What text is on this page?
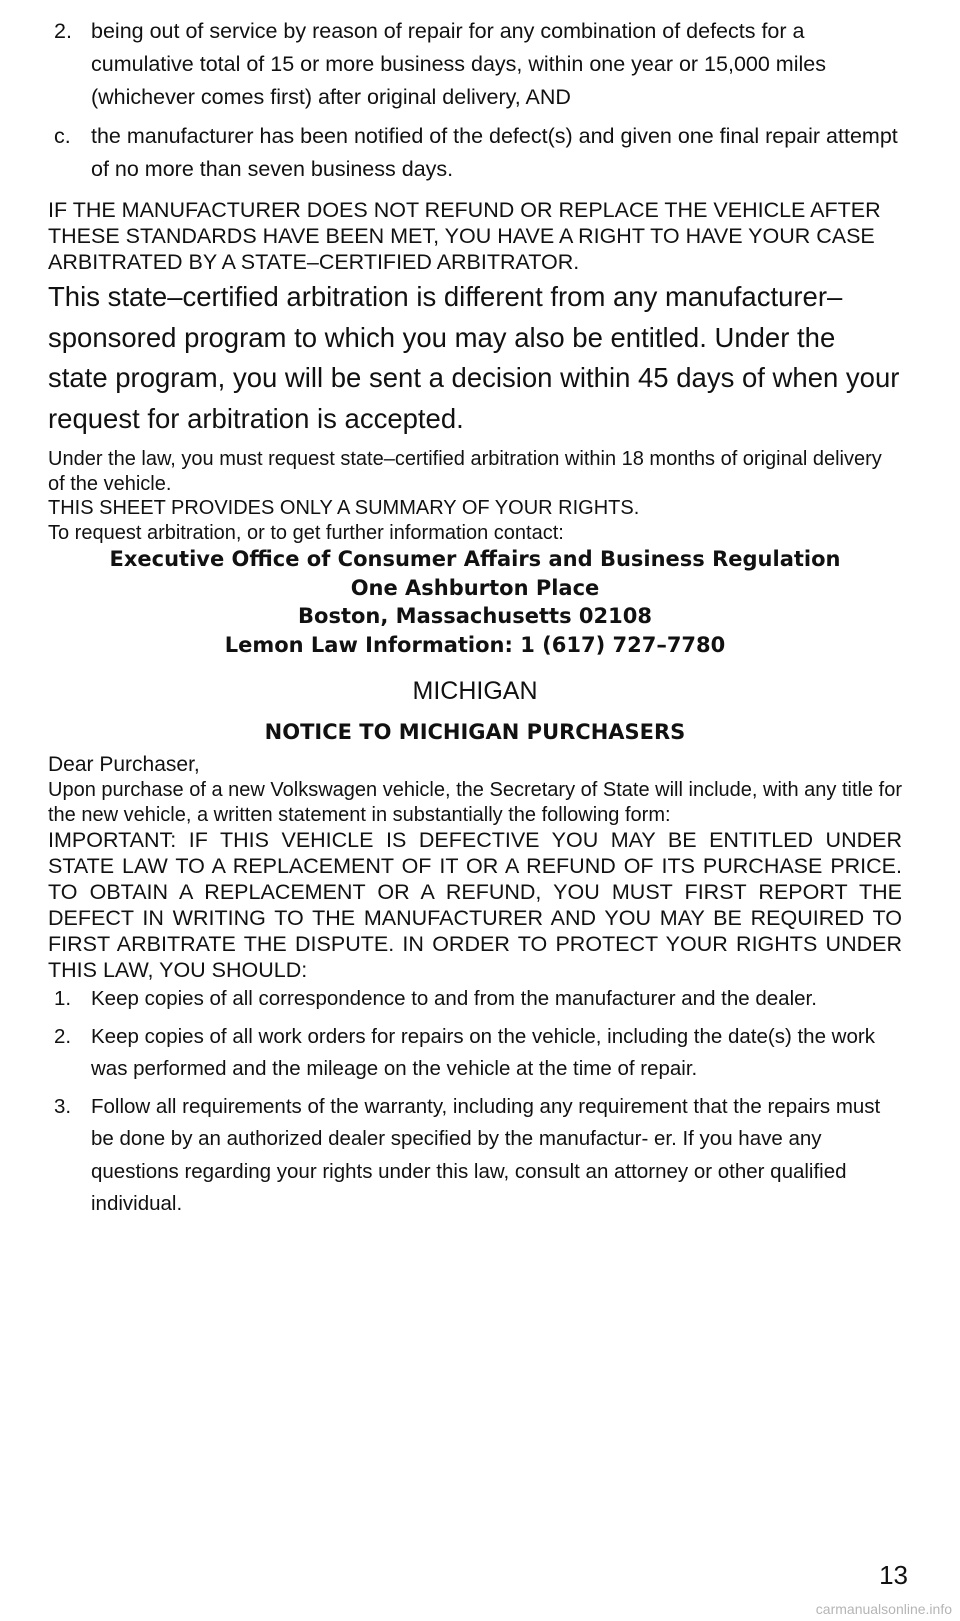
2. being out of service by reason of repair for any combination of defects for a cumulative total of 15 or more business days, within one year or 15,000 miles (whichever comes first) after original delivery, AND
c. the manufacturer has been notified of the defect(s) and given one final repair attempt of no more than seven business days.

IF THE MANUFACTURER DOES NOT REFUND OR REPLACE THE VEHICLE AFTER THESE STANDARDS HAVE BEEN MET, YOU HAVE A RIGHT TO HAVE YOUR CASE ARBITRATED BY A STATE–CERTIFIED ARBITRATOR.

This state–certified arbitration is different from any manufacturer–sponsored program to which you may also be entitled. Under the state program, you will be sent a decision within 45 days of when your request for arbitration is accepted.

Under the law, you must request state–certified arbitration within 18 months of original delivery of the vehicle.

THIS SHEET PROVIDES ONLY A SUMMARY OF YOUR RIGHTS.

To request arbitration, or to get further information contact:

Executive Office of Consumer Affairs and Business Regulation
One Ashburton Place
Boston, Massachusetts 02108
Lemon Law Information: 1 (617) 727–7780
MICHIGAN
NOTICE TO MICHIGAN PURCHASERS

Dear Purchaser,

Upon purchase of a new Volkswagen vehicle, the Secretary of State will include, with any title for the new vehicle, a written statement in substantially the following form:

IMPORTANT: IF THIS VEHICLE IS DEFECTIVE YOU MAY BE ENTITLED UNDER STATE LAW TO A REPLACEMENT OF IT OR A REFUND OF ITS PURCHASE PRICE. TO OBTAIN A REPLACEMENT OR A REFUND, YOU MUST FIRST REPORT THE DEFECT IN WRITING TO THE MANUFACTURER AND YOU MAY BE REQUIRED TO FIRST ARBITRATE THE DISPUTE. IN ORDER TO PROTECT YOUR RIGHTS UNDER THIS LAW, YOU SHOULD:

1. Keep copies of all correspondence to and from the manufacturer and the dealer.
2. Keep copies of all work orders for repairs on the vehicle, including the date(s) the work was performed and the mileage on the vehicle at the time of repair.
3. Follow all requirements of the warranty, including any requirement that the repairs must be done by an authorized dealer specified by the manufactur- er. If you have any questions regarding your rights under this law, consult an attorney or other qualified individual.
13
carmanualsonline.info
